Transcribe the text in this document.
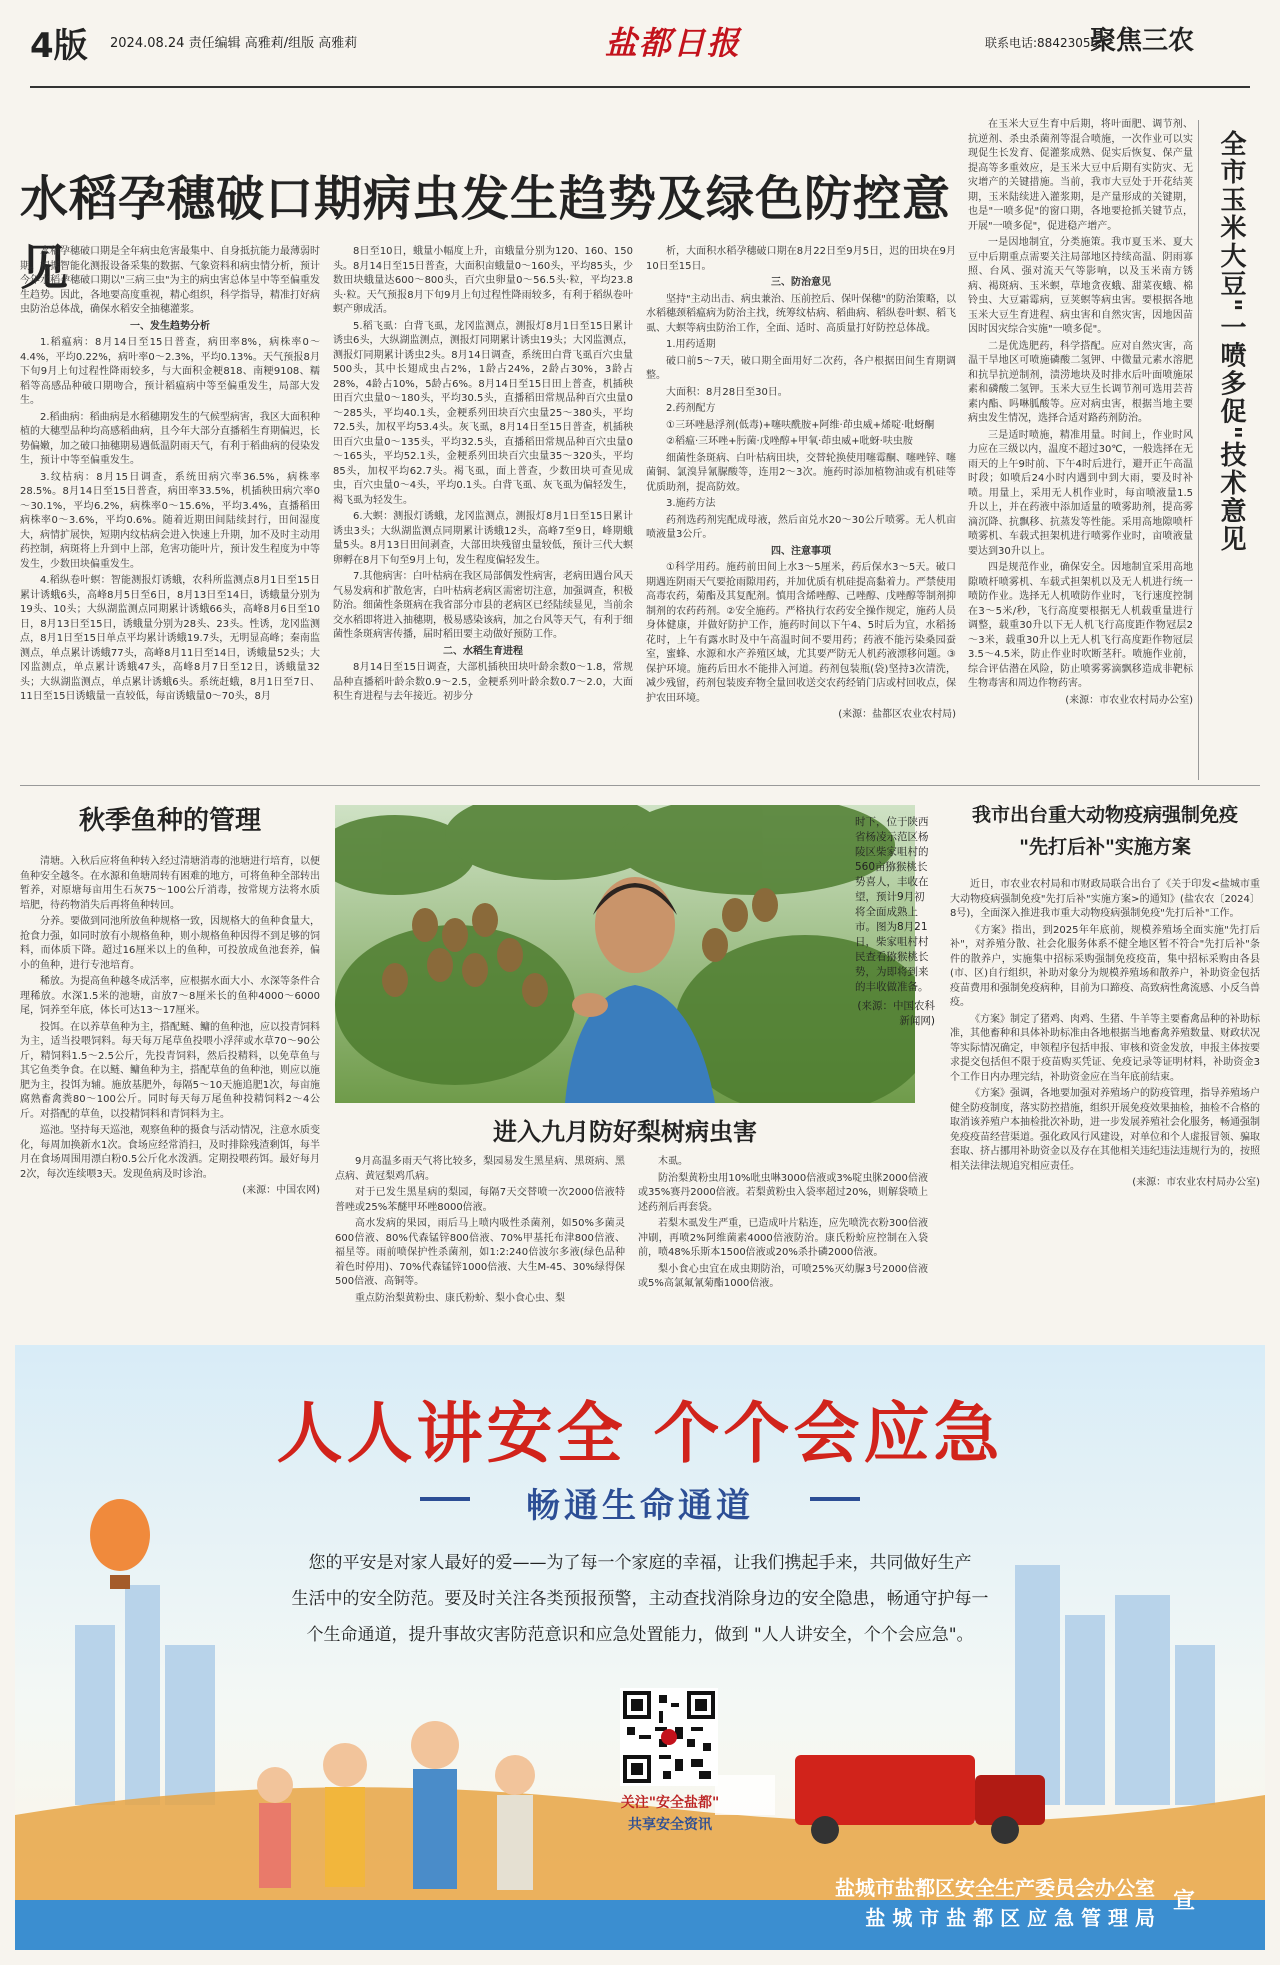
4版 2024.08.24 责任编辑 高雅莉/组版 高雅莉	盐都日报	联系电话:88423056
聚焦三农
水稻孕穗破口期病虫发生趋势及绿色防控意见

水稻孕穗破口期是全年病虫危害最集中、自身抵抗能力最薄弱时期。根据智能化测报设备采集的数据、气象资料和病虫情分析，预计今年水稻孕穗破口期以"三病三虫"为主的病虫害总体呈中等至偏重发生趋势。因此，各地要高度重视，精心组织，科学指导，精准打好病虫防治总体战，确保水稻安全抽穗灌浆。

一、发生趋势分析

1.稻瘟病：8月14日至15日普查，病田率8%，病株率0～4.4%，平均0.22%，病叶率0～2.3%，平均0.13%。天气预报8月下旬9月上旬过程性降雨较多，与大面积金粳818、南粳9108、糯稻等高感品种破口期吻合，预计稻瘟病中等至偏重发生，局部大发生。

2.稻曲病：稻曲病是水稻穗期发生的气候型病害，我区大面积种植的大穗型品种均高感稻曲病，且今年大部分直播稻生育期偏迟，长势偏嫩，加之破口抽穗期易遇低温阴雨天气，有利于稻曲病的侵染发生，预计中等至偏重发生。

3.纹枯病：8月15日调查，系统田病穴率36.5%，病株率28.5%。8月14日至15日普查，病田率33.5%，机插秧田病穴率0～30.1%，平均6.2%，病株率0～15.6%，平均3.4%，直播稻田病株率0～3.6%，平均0.6%。随着近期田间陆续封行，田间湿度大，病情扩展快，短期内纹枯病会进入快速上升期，加不及时主动用药控制，病斑将上升到中上部，危害功能叶片，预计发生程度为中等发生，少数田块偏重发生。

4.稻纵卷叶螟：智能测报灯诱蛾，农科所监测点8月1日至15日累计诱蛾6头，高峰8月5日至6日，8月13日至14日，诱蛾量分别为19头、10头；大纵湖监测点同期累计诱蛾66头，高峰8月6日至10日，8月13日至15日，诱蛾量分别为28头、23头。性诱，龙冈监测点，8月1日至15日单点平均累计诱蛾19.7头，无明显高峰；秦南监测点，单点累计诱蛾77头，高峰8月11日至14日，诱蛾量52头；大冈监测点，单点累计诱蛾47头，高峰8月7日至12日，诱蛾量32头；大纵湖监测点，单点累计诱蛾6头。系统赶蛾，8月1日至7日、11日至15日诱蛾量一直较低，每亩诱蛾量0～70头，8月

8日至10日，蛾量小幅度上升，亩蛾量分别为120、160、150头。8月14日至15日普查，大面积亩蛾量0～160头，平均85头，少数田块蛾量达600～800头，百穴虫卵量0～56.5头·粒，平均23.8头·粒。天气预报8月下旬9月上旬过程性降雨较多，有利于稻纵卷叶螟产卵成活。

5.稻飞虱：白背飞虱，龙冈监测点，测报灯8月1日至15日累计诱虫6头，大纵湖监测点，测报灯同期累计诱虫19头；大冈监测点，测报灯同期累计诱虫2头。8月14日调查，系统田白背飞虱百穴虫量500头，其中长翅成虫占2%，1龄占24%，2龄占30%，3龄占28%，4龄占10%，5龄占6%。8月14日至15日田上普查，机插秧田百穴虫量0～180头，平均30.5头，直播稻田常规品种百穴虫量0～285头，平均40.1头，金粳系列田块百穴虫量25～380头，平均72.5头，加权平均53.4头。灰飞虱，8月14日至15日普查，机插秧田百穴虫量0～135头，平均32.5头，直播稻田常规品种百穴虫量0～165头，平均52.1头，金粳系列田块百穴虫量35～320头，平均85头，加权平均62.7头。褐飞虱，面上普查，少数田块可查见成虫，百穴虫量0～4头，平均0.1头。白背飞虱、灰飞虱为偏轻发生，褐飞虱为轻发生。

6.大螟：测报灯诱蛾，龙冈监测点，测报灯8月1日至15日累计诱虫3头；大纵湖监测点同期累计诱蛾12头，高峰7至9日，峰期蛾量5头。8月13日田间剥查，大部田块残留虫量较低，预计三代大螟卵孵在8月下旬至9月上旬，发生程度偏轻发生。

7.其他病害：白叶枯病在我区局部偶发性病害，老病田遇台风天气易发病和扩散危害，白叶枯病老病区需密切注意，加强调查，积极防治。细菌性条斑病在我省部分市县的老病区已经陆续显见，当前余交水稻即将进入抽穗期，极易感染该病，加之台风等天气，有利于细菌性条斑病害传播，届时稻田要主动做好预防工作。

二、水稻生育进程

8月14日至15日调查，大部机插秧田块叶龄余数0～1.8，常规品种直播稻叶龄余数0.9～2.5，金粳系列叶龄余数0.7～2.0，大面积生育进程与去年接近。初步分

析，大面积水稻孕穗破口期在8月22日至9月5日，迟的田块在9月10日至15日。

三、防治意见

坚持"主动出击、病虫兼治、压前控后、保叶保穗"的防治策略，以水稻穗颈稻瘟病为防治主找，统筹纹枯病、稻曲病、稻纵卷叶螟、稻飞虱、大螟等病虫防治工作，全面、适时、高质量打好防控总体战。

1.用药适期

破口前5～7天，破口期全面用好二次药，各户根据田间生育期调整。

大面积：8月28日至30日。

2.药剂配方

①三环唑悬浮剂(低毒)+噻呋酰胺+阿维·茚虫威+烯啶·吡蚜酮

②稻瘟·三环唑+肟菌·戊唑醇+甲氧·茚虫威+吡蚜·呋虫胺

细菌性条斑病、白叶枯病田块，交替轮换使用噻霉酮、噻唑锌、噻菌铜、氯溴异氰脲酸等，连用2～3次。施药时添加植物油或有机硅等优质助剂，提高防效。

3.施药方法

药剂选药剂宪配成母液，然后亩兑水20～30公斤喷雾。无人机亩喷液量3公斤。

四、注意事项

①科学用药。施药前田间上水3～5厘米，药后保水3～5天。破口期遇连阴雨天气要抢雨隙用药，并加优质有机硅提高黏着力。严禁使用高毒农药，菊酯及其复配剂。慎用含烯唑醇、己唑醇、戊唑醇等制剂抑制剂的农药药剂。②安全施药。严格执行农药安全操作规定，施药人员身体健康，并做好防护工作，施药时间以下午4、5时后为宜，水稻扬花时，上午有露水时及中午高温时间不要用药；药液不能污染桑园蚕室，蜜蜂、水源和水产养殖区域，尤其要严防无人机药液漂移问题。③保护环境。施药后田水不能排入河道。药剂包装瓶(袋)坚持3次清洗，减少残留，药剂包装废弃物全量回收送交农药经销门店或村回收点，保护农田环境。

(来源：盐都区农业农村局)

在玉米大豆生育中后期，将叶面肥、调节剂、抗逆剂、杀虫杀菌剂等混合喷施，一次作业可以实现促生长发育、促灌浆成熟、促实后恢复、保产量提高等多重效应，是玉米大豆中后期有实防灾、无灾增产的关键措施。当前，我市大豆处于开花结荚期，玉米陆续进入灌浆期，是产量形成的关键期，也是"一喷多促"的窗口期，各地要抢抓关键节点，开展"一喷多促"，促进稳产增产。

一是因地制宜，分类施策。我市夏玉米、夏大豆中后期重点需要关注局部地区持续高温、阴雨寡照、台风、强对流天气等影响，以及玉米南方锈病、褐斑病、玉米螟，草地贪夜蛾、甜菜夜蛾、棉铃虫、大豆霜霉病，豆荚螟等病虫害。要根据各地玉米大豆生育进程、病虫害和自然灾害，因地因苗因时因灾综合实施"一喷多促"。

二是优选肥药，科学搭配。应对自然灾害，高温干旱地区可喷施磷酸二氢钾、中微量元素水溶肥和抗旱抗逆制剂，渍涝地块及时排水后叶面喷施尿素和磷酸二氢钾。玉米大豆生长调节剂可选用芸苔素内酯、吗啉胍酸等。应对病虫害，根据当地主要病虫发生情况，选择合适对路药剂防治。

三是适时喷施，精准用量。时间上，作业时风力应在三级以内，温度不超过30℃，一般选择在无雨天的上午9时前、下午4时后进行，避开正午高温时段；如喷后24小时内遇到中到大雨，要及时补喷。用量上，采用无人机作业时，每亩喷液量1.5升以上，并在药液中添加适量的喷雾助剂，提高雾滴沉降、抗飘移、抗蒸发等性能。采用高地隙喷杆喷雾机、车载式担架机进行喷雾作业时，亩喷液量要达到30升以上。

四是规范作业，确保安全。因地制宜采用高地隙喷杆喷雾机、车载式担架机以及无人机进行统一喷防作业。选择无人机喷防作业时，飞行速度控制在3～5米/秒，飞行高度要根据无人机载重量进行调整，载重30升以下无人机飞行高度距作物冠层2～3米，载重30升以上无人机飞行高度距作物冠层3.5～4.5米，防止作业时吹断茎秆。喷施作业前，综合评估潜在风险，防止喷雾雾滴飘移造成非靶标生物毒害和周边作物药害。

(来源：市农业农村局办公室)

全市玉米大豆"一喷多促"技术意见
秋季鱼种的管理

清塘。入秋后应将鱼种转入经过清塘消毒的池塘进行培育，以便鱼种安全越冬。在水源和鱼塘周转有困难的地方，可将鱼种全部转出暂养，对原塘每亩用生石灰75～100公斤消毒，按常规方法将水质培肥，待药物消失后再将鱼种转回。

分养。要做到同池所放鱼种规格一致，因规格大的鱼种食量大，抢食力强，如同时放有小规格鱼种，则小规格鱼种因得不到足够的饲料，而体质下降。超过16厘米以上的鱼种，可投放成鱼池套养，偏小的鱼种，进行专池培育。

稀放。为提高鱼种越冬成活率，应根据水面大小、水深等条件合理稀放。水深1.5米的池塘，亩放7～8厘米长的鱼种4000～6000尾，饲养至年底，体长可达13～17厘米。

投饵。在以养草鱼种为主，搭配鲢、鳙的鱼种池，应以投青饲料为主，适当投喂饲料。每天每万尾草鱼投喂小浮萍或水草70～90公斤，精饲料1.5～2.5公斤，先投青饲料，然后投精料，以免草鱼与其它鱼类争食。在以鲢、鳙鱼种为主，搭配草鱼的鱼种池，则应以施肥为主，投饵为辅。施放基肥外，每隔5～10天施追肥1次，每亩施腐熟畜禽粪80～100公斤。同时每天每万尾鱼种投精饲料2～4公斤。对搭配的草鱼，以投精饲料和青饲料为主。

巡池。坚持每天巡池，观察鱼种的摄食与活动情况，注意水质变化，每周加换新水1次。食场应经常消扫，及时排除残渣剩饵，每半月在食场周围用漂白粉0.5公斤化水泼洒。定期投喂药饵。最好每月2次，每次连续喂3天。发现鱼病及时诊治。

(来源：中国农网)

时下，位于陕西省杨凌示范区杨陵区柴家咀村的560亩猕猴桃长势喜人，丰收在望，预计9月初将全面成熟上市。图为8月21日，柴家咀村村民查看猕猴桃长势，为即将到来的丰收做准备。
(来源：中国农科新闻网)
进入九月防好梨树病虫害

9月高温多雨天气将比较多，梨园易发生黑星病、黑斑病、黑点病、黄冠梨鸡爪病。

对于已发生黑星病的梨园，每隔7天交替喷一次2000倍液特普唑或25%苯醚甲环唑8000倍液。

高水发病的果园，雨后马上喷内吸性杀菌剂，如50%多菌灵600倍液、80%代森锰锌800倍液、70%甲基托布津800倍液、福星等。雨前喷保护性杀菌剂，如1:2:240倍波尔多液(绿色品种着色时停用)、70%代森锰锌1000倍液、大生M-45、30%绿得保500倍液、高铜等。

重点防治梨黄粉虫、康氏粉蚧、梨小食心虫、梨

木虱。

防治梨黄粉虫用10%吡虫啉3000倍液或3%啶虫脒2000倍液或35%赛丹2000倍液。若梨黄粉虫入袋率超过20%，则解袋喷上述药剂后再套袋。

若梨木虱发生严重，已造成叶片粘连，应先喷洗衣粉300倍液冲刷，再喷2%阿维菌素4000倍液防治。康氏粉蚧应控制在入袋前，喷48%乐斯本1500倍液或20%杀扑磷2000倍液。

梨小食心虫宜在成虫期防治，可喷25%灭幼脲3号2000倍液或5%高氯氟氰菊酯1000倍液。

我市出台重大动物疫病强制免疫
"先打后补"实施方案

近日，市农业农村局和市财政局联合出台了《关于印发<盐城市重大动物疫病强制免疫"先打后补"实施方案>的通知》(盐农农〔2024〕8号)，全面深入推进我市重大动物疫病强制免疫"先打后补"工作。

《方案》指出，到2025年年底前，规模养殖场全面实施"先打后补"，对养殖分散、社会化服务体系不健全地区暂不符合"先打后补"条件的散养户，实施集中招标采购强制免疫疫苗，集中招标采购由各县(市、区)自行组织，补助对象分为规模养殖场和散养户，补助资金包括疫苗费用和强制免疫病种，目前为口蹄疫、高致病性禽流感、小反刍兽疫。

《方案》制定了猪鸡、肉鸡、生猪、牛羊等主要畜禽品种的补助标准，其他畜种和具体补助标准由各地根据当地畜禽养殖数量、财政状况等实际情况确定，申领程序包括申报、审核和资金发放，申报主体按要求提交包括但不限于疫苗购买凭证、免疫记录等证明材料，补助资金3个工作日内办理完结，补助资金应在当年底前结束。

《方案》强调，各地要加强对养殖场户的防疫管理，指导养殖场户健全防疫制度，落实防控措施，组织开展免疫效果抽检，抽检不合格的取消该养殖户本抽检批次补助，进一步发展养殖社会化服务，畅通强制免疫疫苗经营渠道。强化政风行风建设，对单位和个人虚报冒领、骗取套取、挤占挪用补助资金以及存在其他相关违纪违法违规行为的，按照相关法律法规追究相应责任。

(来源：市农业农村局办公室)

人人讲安全 个个会应急
畅通生命通道
您的平安是对家人最好的爱——为了每一个家庭的幸福，让我们携起手来，共同做好生产
生活中的安全防范。要及时关注各类预报预警，主动查找消除身边的安全隐患，畅通守护每一
个生命通道，提升事故灾害防范意识和应急处置能力，做到 "人人讲安全，个个会应急"。
关注"安全盐都"
共享安全资讯
盐城市盐都区安全生产委员会办公室
盐 城 市 盐 都 区 应 急 管 理 局
宣
